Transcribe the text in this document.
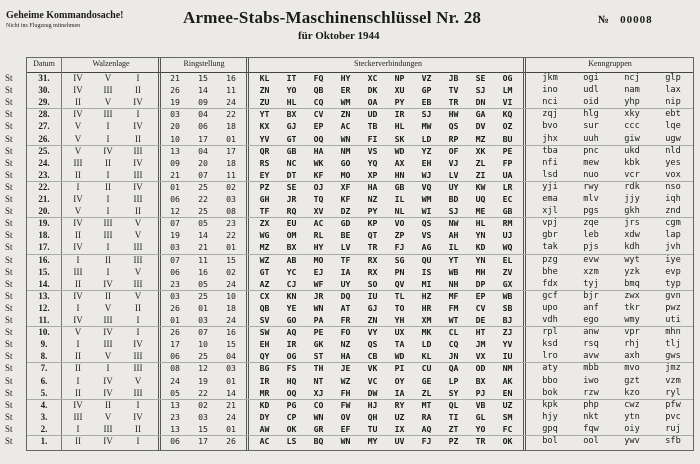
Geheime Kommandosache!
Nicht ins Flugzeug mitnehmen	Armee-Stabs-Maschinenschlüssel Nr. 28
für Oktober 1944
№ 00008
Datum	Walzenlage	Ringstellung	Steckerverbindungen	Kenngruppen
St	31.	IV	V	I	21	15	16	KL	IT	FQ	HY	XC	NP	VZ	JB	SE	OG	jkm	ogi	ncj	glp
St	30.	IV	III	II	26	14	11	ZN	YO	QB	ER	DK	XU	GP	TV	SJ	LM	ino	udl	nam	lax
St	29.	II	V	IV	19	09	24	ZU	HL	CQ	WM	OA	PY	EB	TR	DN	VI	nci	oid	yhp	nip
St	28.	IV	III	I	03	04	22	YT	BX	CV	ZN	UD	IR	SJ	HW	GA	KQ	zqj	hlg	xky	ebt
St	27.	V	I	IV	20	06	18	KX	GJ	EP	AC	TB	HL	MW	QS	DV	OZ	bvo	sur	ccc	lqe
St	26.	V	I	II	10	17	01	YV	GT	OQ	WN	FI	SK	LD	RP	MZ	BU	jhx	uuh	giw	ugw
St	25.	V	IV	III	13	04	17	QR	GB	HA	NM	VS	WD	YZ	OF	XK	PE	tba	pnc	ukd	nld
St	24.	III	II	IV	09	20	18	RS	NC	WK	GO	YQ	AX	EH	VJ	ZL	FP	nfi	mew	kbk	yes
St	23.	II	I	III	21	07	11	EY	DT	KF	MO	XP	HN	WJ	LV	ZI	UA	lsd	nuo	vcr	vox
St	22.	I	II	IV	01	25	02	PZ	SE	OJ	XF	HA	GB	VQ	UY	KW	LR	yji	rwy	rdk	nso
St	21.	IV	I	III	06	22	03	GH	JR	TQ	KF	NZ	IL	WM	BD	UQ	EC	ema	mlv	jjy	iqh
St	20.	V	I	II	12	25	08	TF	RQ	XV	DZ	PY	NL	WI	SJ	ME	GB	xjl	pgs	gkh	znd
St	19.	IV	III	V	07	05	23	ZX	EU	AC	GD	KP	VO	QS	NW	HL	RM	vpj	zqe	jrs	cgm
St	18.	II	III	V	19	14	22	WG	OM	RL	BE	QT	ZP	VS	AH	YN	UJ	gbr	leb	xdw	lap
St	17.	IV	I	III	03	21	01	MZ	BX	HY	LV	TR	FJ	AG	IL	KD	WQ	tak	pjs	kdh	jvh
St	16.	I	II	III	07	11	15	WZ	AB	MO	TF	RX	SG	QU	YT	YN	EL	pzg	evw	wyt	iye
St	15.	III	I	V	06	16	02	GT	YC	EJ	IA	RX	PN	IS	WB	MH	ZV	bhe	xzm	yzk	evp
St	14.	II	IV	III	23	05	24	AZ	CJ	WF	UY	SO	QV	MI	NH	DP	GX	fdx	tyj	bmq	typ
St	13.	IV	II	V	03	25	10	CX	KN	JR	DQ	IU	TL	HZ	MF	EP	WB	gcf	bjr	zwx	gvn
St	12.	I	V	II	26	01	18	QB	YE	WN	AT	GJ	TO	HR	FM	CV	SB	upo	anf	tkr	pwz
St	11.	IV	III	I	01	03	24	SV	GO	PA	FR	ZN	YH	XM	WT	DE	BJ	vdh	ego	wmy	uti
St	10.	V	IV	I	26	07	16	SW	AQ	PE	FO	VY	UX	MK	CL	HT	ZJ	rpl	anw	vpr	mhn
St	9.	I	III	IV	17	10	15	EH	IR	GK	NZ	QS	TA	LD	CQ	JM	YV	ksd	rsq	rhj	tlj
St	8.	II	V	III	06	25	04	QY	OG	ST	HA	CB	WD	KL	JN	VX	IU	lro	avw	axh	gws
St	7.	II	I	III	08	12	03	BG	FS	TH	JE	VK	PI	CU	QA	OD	NM	aty	mbb	mvo	jmz
St	6.	I	IV	V	24	19	01	IR	HQ	NT	WZ	VC	OY	GE	LP	BX	AK	bbo	iwo	gzt	vzm
St	5.	II	IV	III	05	22	14	MR	OQ	XJ	FH	DW	IA	ZL	SY	PJ	EN	bok	rzw	kzo	ryl
St	4.	IV	II	I	13	02	21	KD	PG	CO	FW	HJ	RY	MT	QL	VB	UZ	kpk	php	cwz	pfw
St	3.	III	V	IV	23	03	24	DY	CP	WN	OV	QH	UZ	RA	TI	GL	SM	hjy	nkt	ytn	pvc
St	2.	I	III	II	13	15	01	AW	OK	GR	EF	TU	IX	AQ	ZT	YO	FC	gpq	fqw	oiy	ruj
St	1.	II	IV	I	06	17	26	AC	LS	BQ	WN	MY	UV	FJ	PZ	TR	OK	bol	ool	ywv	sfb
